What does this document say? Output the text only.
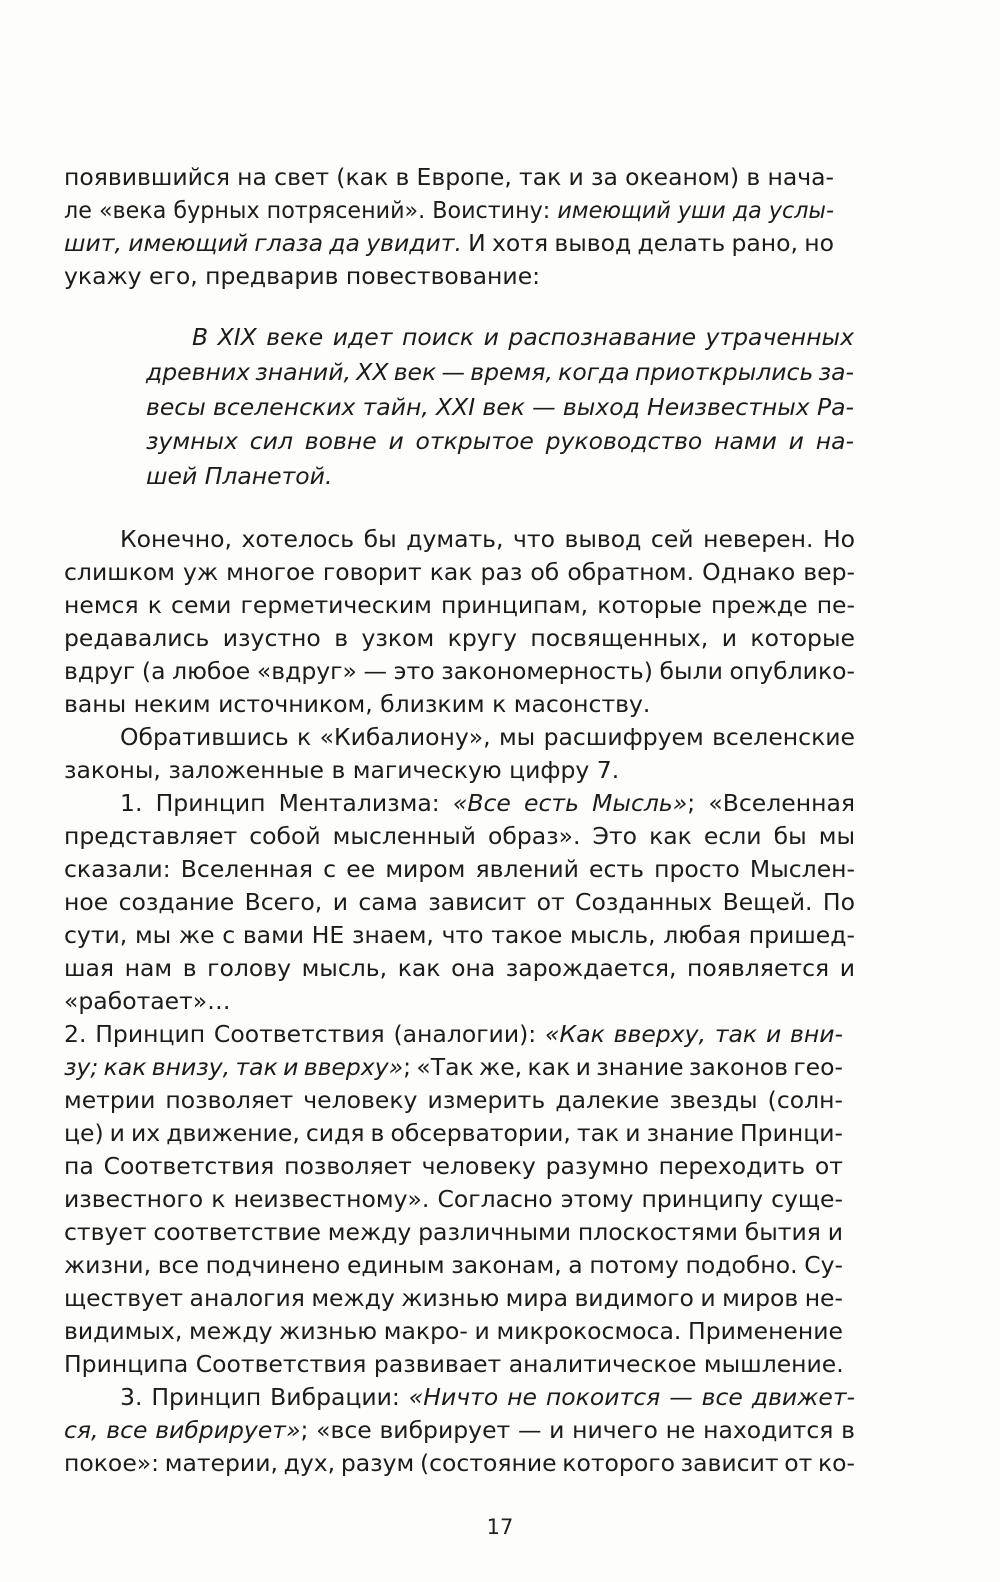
появившийся на свет (как в Европе, так и за океаном) в нача-
ле «века бурных потрясений». Воистину: имеющий уши да услы-
шит, имеющий глаза да увидит. И хотя вывод делать рано, но
укажу его, предварив повествование:
В XIX веке идет поиск и распознавание утраченных
древних знаний, XX век — время, когда приоткрылись за-
весы вселенских тайн, XXI век — выход Неизвестных Ра-
зумных сил вовне и открытое руководство нами и на-
шей Планетой.
Конечно, хотелось бы думать, что вывод сей неверен. Но
слишком уж многое говорит как раз об обратном. Однако вер-
немся к семи герметическим принципам, которые прежде пе-
редавались изустно в узком кругу посвященных, и которые
вдруг (а любое «вдруг» — это закономерность) были опублико-
ваны неким источником, близким к масонству.
Обратившись к «Кибалиону», мы расшифруем вселенские
законы, заложенные в магическую цифру 7.
1. Принцип Ментализма: «Все есть Мысль»; «Вселенная
представляет собой мысленный образ». Это как если бы мы
сказали: Вселенная с ее миром явлений есть просто Мыслен-
ное создание Всего, и сама зависит от Созданных Вещей. По
сути, мы же с вами НЕ знаем, что такое мысль, любая пришед-
шая нам в голову мысль, как она зарождается, появляется и
«работает»…
2. Принцип Соответствия (аналогии): «Как вверху, так и вни-
зу; как внизу, так и вверху»; «Так же, как и знание законов гео-
метрии позволяет человеку измерить далекие звезды (солн-
це) и их движение, сидя в обсерватории, так и знание Принци-
па Соответствия позволяет человеку разумно переходить от
известного к неизвестному». Согласно этому принципу суще-
ствует соответствие между различными плоскостями бытия и
жизни, все подчинено единым законам, а потому подобно. Су-
ществует аналогия между жизнью мира видимого и миров не-
видимых, между жизнью макро- и микрокосмоса. Применение
Принципа Соответствия развивает аналитическое мышление.
3. Принцип Вибрации: «Ничто не покоится — все движет-
ся, все вибрирует»; «все вибрирует — и ничего не находится в
покое»: материи, дух, разум (состояние которого зависит от ко-
17
